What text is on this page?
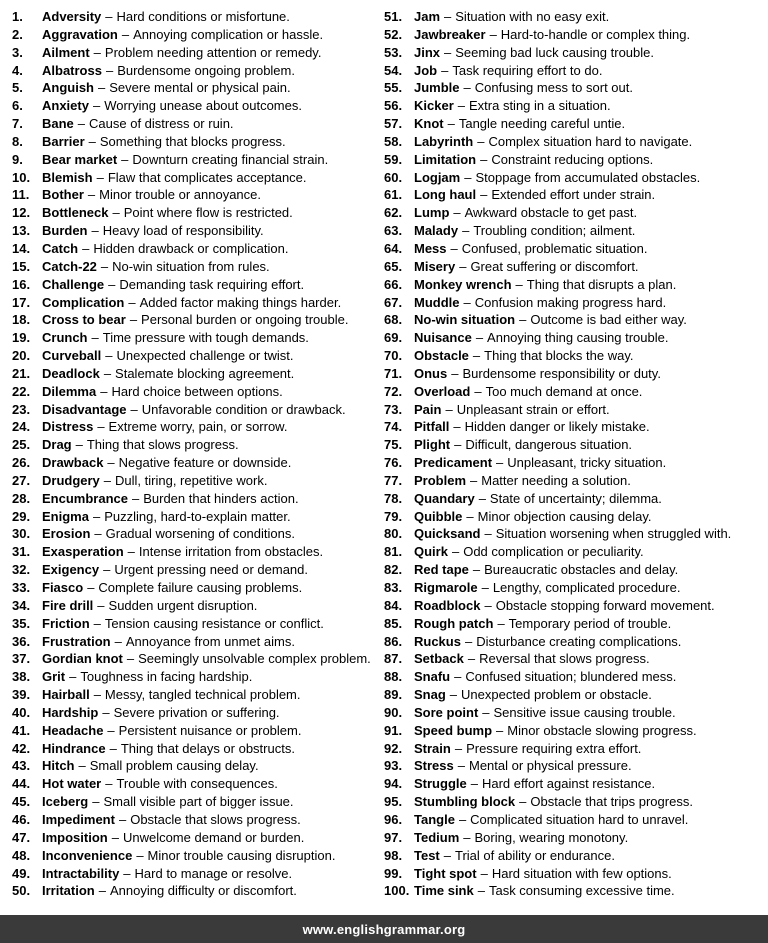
1.	Adversity – Hard conditions or misfortune.
2.	Aggravation – Annoying complication or hassle.
3.	Ailment – Problem needing attention or remedy.
4.	Albatross – Burdensome ongoing problem.
5.	Anguish – Severe mental or physical pain.
6.	Anxiety – Worrying unease about outcomes.
7.	Bane – Cause of distress or ruin.
8.	Barrier – Something that blocks progress.
9.	Bear market – Downturn creating financial strain.
10. Blemish – Flaw that complicates acceptance.
11. Bother – Minor trouble or annoyance.
12. Bottleneck – Point where flow is restricted.
13. Burden – Heavy load of responsibility.
14. Catch – Hidden drawback or complication.
15. Catch-22 – No-win situation from rules.
16. Challenge – Demanding task requiring effort.
17. Complication – Added factor making things harder.
18. Cross to bear – Personal burden or ongoing trouble.
19. Crunch – Time pressure with tough demands.
20. Curveball – Unexpected challenge or twist.
21. Deadlock – Stalemate blocking agreement.
22. Dilemma – Hard choice between options.
23. Disadvantage – Unfavorable condition or drawback.
24. Distress – Extreme worry, pain, or sorrow.
25. Drag – Thing that slows progress.
26. Drawback – Negative feature or downside.
27. Drudgery – Dull, tiring, repetitive work.
28. Encumbrance – Burden that hinders action.
29. Enigma – Puzzling, hard-to-explain matter.
30. Erosion – Gradual worsening of conditions.
31. Exasperation – Intense irritation from obstacles.
32. Exigency – Urgent pressing need or demand.
33. Fiasco – Complete failure causing problems.
34. Fire drill – Sudden urgent disruption.
35. Friction – Tension causing resistance or conflict.
36. Frustration – Annoyance from unmet aims.
37. Gordian knot – Seemingly unsolvable complex problem.
38. Grit – Toughness in facing hardship.
39. Hairball – Messy, tangled technical problem.
40. Hardship – Severe privation or suffering.
41. Headache – Persistent nuisance or problem.
42. Hindrance – Thing that delays or obstructs.
43. Hitch – Small problem causing delay.
44. Hot water – Trouble with consequences.
45. Iceberg – Small visible part of bigger issue.
46. Impediment – Obstacle that slows progress.
47. Imposition – Unwelcome demand or burden.
48. Inconvenience – Minor trouble causing disruption.
49. Intractability – Hard to manage or resolve.
50. Irritation – Annoying difficulty or discomfort.
51. Jam – Situation with no easy exit.
52. Jawbreaker – Hard-to-handle or complex thing.
53. Jinx – Seeming bad luck causing trouble.
54. Job – Task requiring effort to do.
55. Jumble – Confusing mess to sort out.
56. Kicker – Extra sting in a situation.
57. Knot – Tangle needing careful untie.
58. Labyrinth – Complex situation hard to navigate.
59. Limitation – Constraint reducing options.
60. Logjam – Stoppage from accumulated obstacles.
61. Long haul – Extended effort under strain.
62. Lump – Awkward obstacle to get past.
63. Malady – Troubling condition; ailment.
64. Mess – Confused, problematic situation.
65. Misery – Great suffering or discomfort.
66. Monkey wrench – Thing that disrupts a plan.
67. Muddle – Confusion making progress hard.
68. No-win situation – Outcome is bad either way.
69. Nuisance – Annoying thing causing trouble.
70. Obstacle – Thing that blocks the way.
71. Onus – Burdensome responsibility or duty.
72. Overload – Too much demand at once.
73. Pain – Unpleasant strain or effort.
74. Pitfall – Hidden danger or likely mistake.
75. Plight – Difficult, dangerous situation.
76. Predicament – Unpleasant, tricky situation.
77. Problem – Matter needing a solution.
78. Quandary – State of uncertainty; dilemma.
79. Quibble – Minor objection causing delay.
80. Quicksand – Situation worsening when struggled with.
81. Quirk – Odd complication or peculiarity.
82. Red tape – Bureaucratic obstacles and delay.
83. Rigmarole – Lengthy, complicated procedure.
84. Roadblock – Obstacle stopping forward movement.
85. Rough patch – Temporary period of trouble.
86. Ruckus – Disturbance creating complications.
87. Setback – Reversal that slows progress.
88. Snafu – Confused situation; blundered mess.
89. Snag – Unexpected problem or obstacle.
90. Sore point – Sensitive issue causing trouble.
91. Speed bump – Minor obstacle slowing progress.
92. Strain – Pressure requiring extra effort.
93. Stress – Mental or physical pressure.
94. Struggle – Hard effort against resistance.
95. Stumbling block – Obstacle that trips progress.
96. Tangle – Complicated situation hard to unravel.
97. Tedium – Boring, wearing monotony.
98. Test – Trial of ability or endurance.
99. Tight spot – Hard situation with few options.
100. Time sink – Task consuming excessive time.
www.englishgrammar.org
